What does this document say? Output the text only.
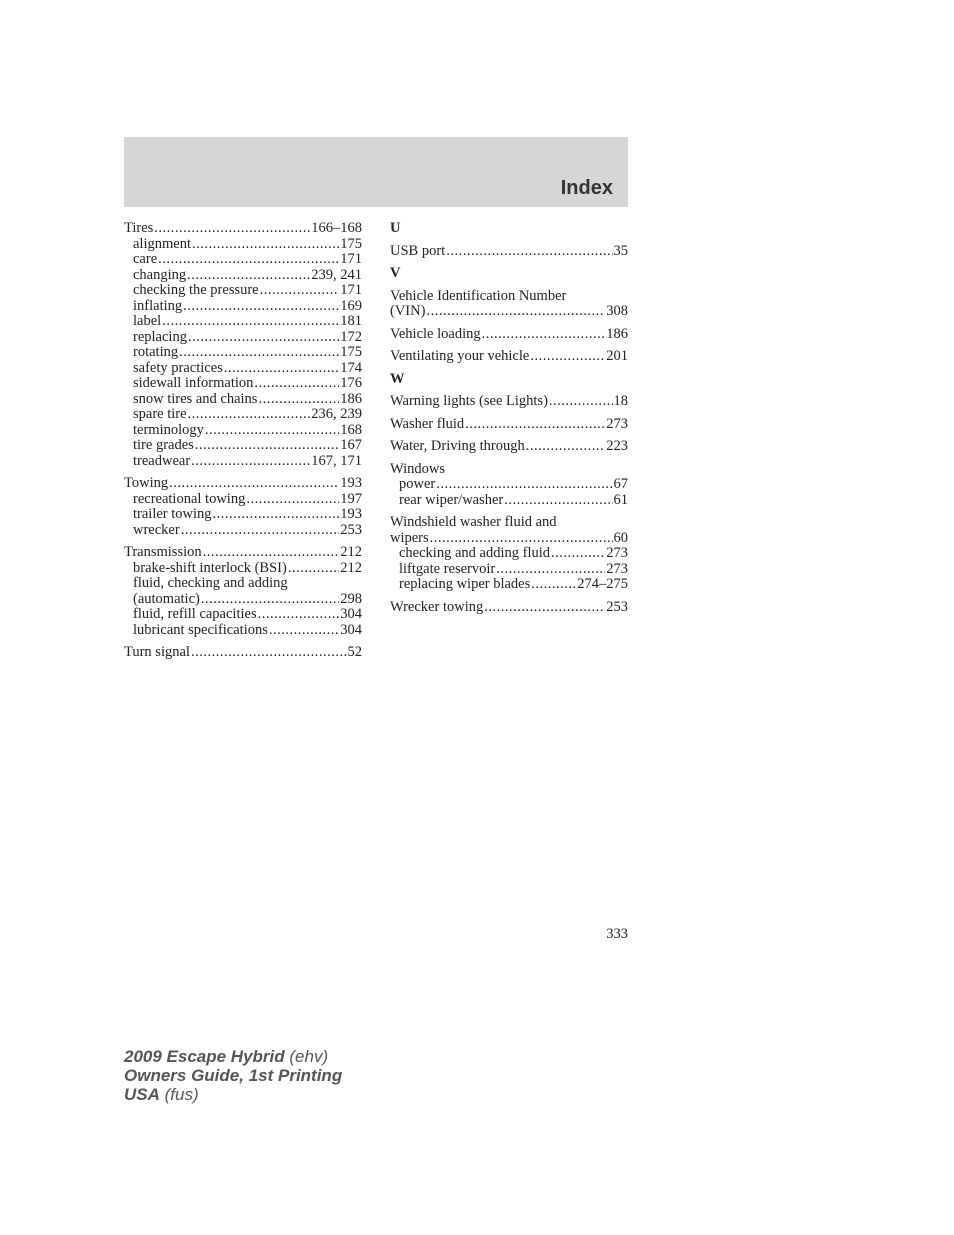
Index
Tires .....	166–168
alignment .....	175
care .....	171
changing .....	239, 241
checking the pressure .....	171
inflating .....	169
label .....	181
replacing .....	172
rotating .....	175
safety practices .....	174
sidewall information .....	176
snow tires and chains .....	186
spare tire .....	236, 239
terminology .....	168
tire grades .....	167
treadwear .....	167, 171
Towing .....	193
recreational towing .....	197
trailer towing .....	193
wrecker .....	253
Transmission .....	212
brake-shift interlock (BSI) .....	212
fluid, checking and adding
(automatic) .....	298
fluid, refill capacities .....	304
lubricant specifications .....	304
Turn signal .....	52
U
USB port .....	35
V
Vehicle Identification Number
(VIN) .....	308
Vehicle loading .....	186
Ventilating your vehicle .....	201
W
Warning lights (see Lights) .....	18
Washer fluid .....	273
Water, Driving through .....	223
Windows
power .....	67
rear wiper/washer .....	61
Windshield washer fluid and
wipers .....	60
checking and adding fluid .....	273
liftgate reservoir .....	273
replacing wiper blades .....	274–275
Wrecker towing .....	253
333
2009 Escape Hybrid (ehv)
Owners Guide, 1st Printing
USA (fus)
